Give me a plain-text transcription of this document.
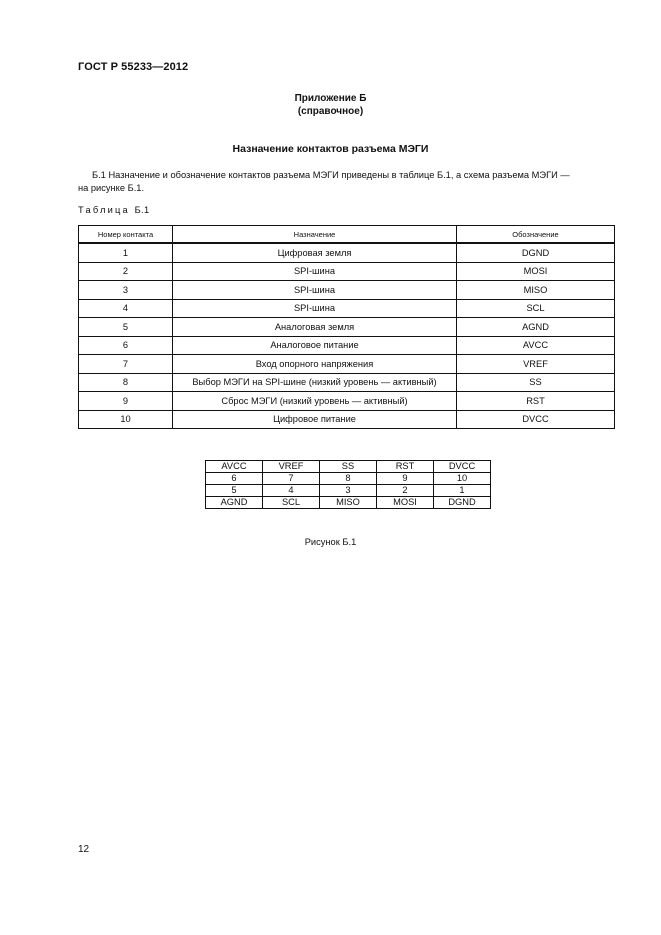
ГОСТ Р 55233—2012
Приложение Б
(справочное)
Назначение контактов разъема МЭГИ
Б.1 Назначение и обозначение контактов разъема МЭГИ приведены в таблице Б.1, а схема разъема МЭГИ —
на рисунке Б.1.
Таблица Б.1
Номер контакта	Назначение	Обозначение
1	Цифровая земля	DGND
2	SPI-шина	MOSI
3	SPI-шина	MISO
4	SPI-шина	SCL
5	Аналоговая земля	AGND
6	Аналоговое питание	AVCC
7	Вход опорного напряжения	VREF
8	Выбор МЭГИ на SPI-шине (низкий уровень — активный)	SS
9	Сброс МЭГИ (низкий уровень — активный)	RST
10	Цифровое питание	DVCC
AVCC	VREF	SS	RST	DVCC
6	7	8	9	10
5	4	3	2	1
AGND	SCL	MISO	MOSI	DGND
Рисунок Б.1
12
